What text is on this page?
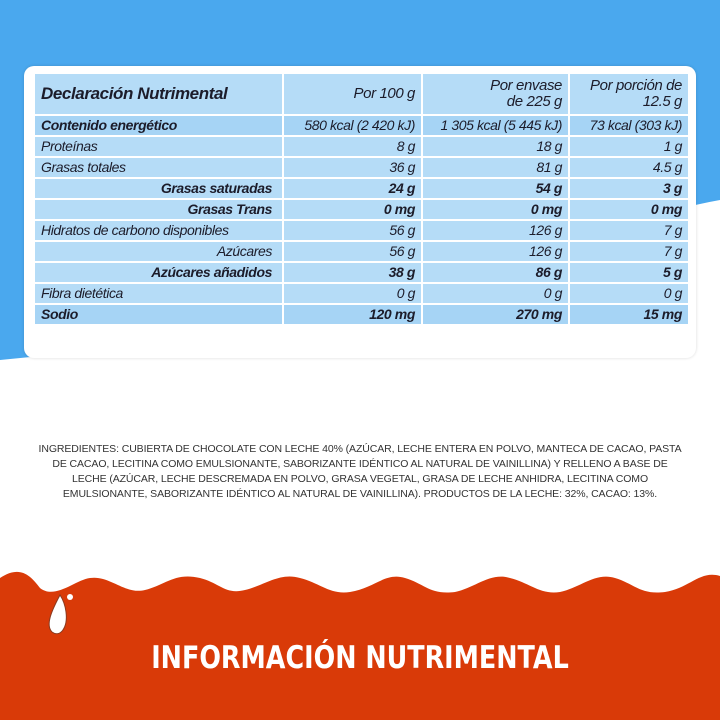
Declaración Nutrimental	Por 100 g	Por envase de 225 g	Por porción de 12.5 g
Contenido energético	580 kcal (2 420 kJ)	1 305 kcal (5 445 kJ)	73 kcal (303 kJ)
Proteínas	8 g	18 g	1 g
Grasas totales	36 g	81 g	4.5 g
Grasas saturadas	24 g	54 g	3 g
Grasas Trans	0 mg	0 mg	0 mg
Hidratos de carbono disponibles	56 g	126 g	7 g
Azúcares	56 g	126 g	7 g
Azúcares añadidos	38 g	86 g	5 g
Fibra dietética	0 g	0 g	0 g
Sodio	120 mg	270 mg	15 mg
INGREDIENTES: CUBIERTA DE CHOCOLATE CON LECHE 40% (AZÚCAR, LECHE ENTERA EN POLVO, MANTECA DE CACAO, PASTA DE CACAO, LECITINA COMO EMULSIONANTE, SABORIZANTE IDÉNTICO AL NATURAL DE VAINILLINA) Y RELLENO A BASE DE LECHE (AZÚCAR, LECHE DESCREMADA EN POLVO, GRASA VEGETAL, GRASA DE LECHE ANHIDRA, LECITINA COMO EMULSIONANTE, SABORIZANTE IDÉNTICO AL NATURAL DE VAINILLINA). PRODUCTOS DE LA LECHE: 32%, CACAO: 13%.
INFORMACIÓN NUTRIMENTAL
